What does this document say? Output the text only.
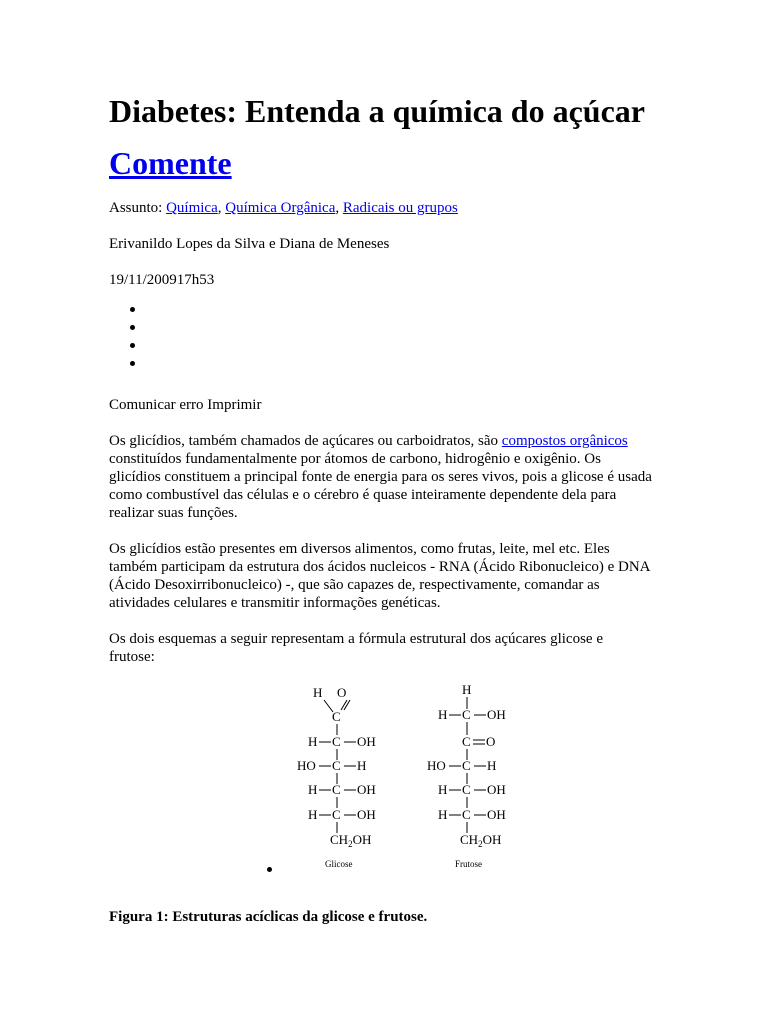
Diabetes: Entenda a química do açúcar
Comente
Assunto: Química, Química Orgânica, Radicais ou grupos
Erivanildo Lopes da Silva e Diana de Meneses
19/11/200917h53
Comunicar erro Imprimir

Os glicídios, também chamados de açúcares ou carboidratos, são compostos orgânicos constituídos fundamentalmente por átomos de carbono, hidrogênio e oxigênio. Os glicídios constituem a principal fonte de energia para os seres vivos, pois a glicose é usada como combustível das células e o cérebro é quase inteiramente dependente dela para realizar suas funções.

Os glicídios estão presentes em diversos alimentos, como frutas, leite, mel etc. Eles também participam da estrutura dos ácidos nucleicos - RNA (Ácido Ribonucleico) e DNA (Ácido Desoxirribonucleico) -, que são capazes de, respectivamente, comandar as atividades celulares e transmitir informações genéticas.

Os dois esquemas a seguir representam a fórmula estrutural dos açúcares glicose e frutose:

H O
C
H C OH
HO C H
H C OH
H C OH
$CH_2OH$
Glicose
H
H C OH
C O
HO C H
H C OH
H C OH
$CH_2OH$
Frutose
Figura 1: Estruturas acíclicas da glicose e frutose.
